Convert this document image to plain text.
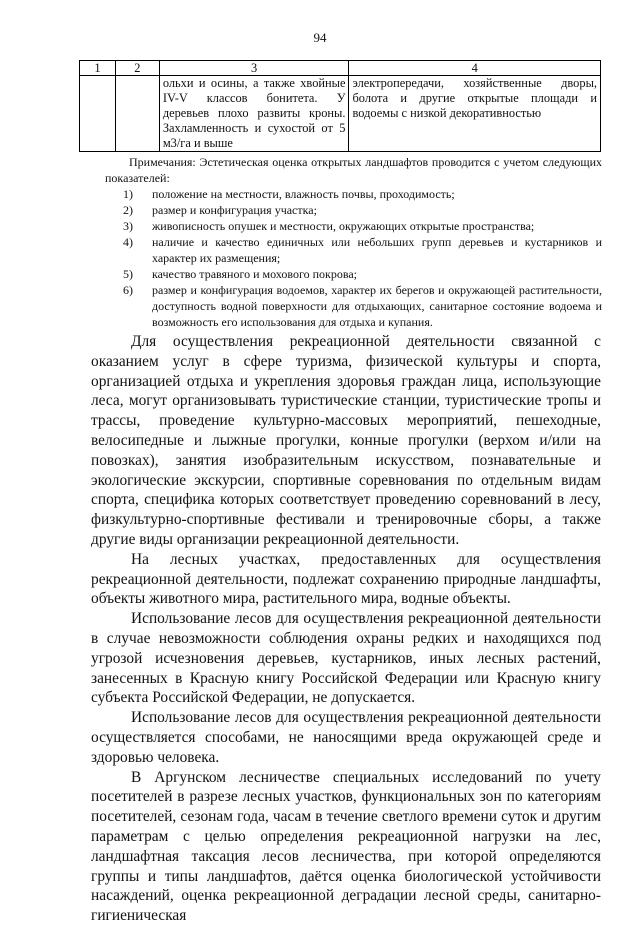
94
1	2	3	4
		ольхи и осины, а также хвойные IV-V классов бонитета. У деревьев плохо развиты кроны. Захламленность и сухостой от 5 м3/га и выше	электропередачи, хозяйственные дворы, болота и другие открытые площади и водоемы с низкой декоративностью

Примечания: Эстетическая оценка открытых ландшафтов проводится с учетом следующих показателей:

1) положение на местности, влажность почвы, проходимость;
2) размер и конфигурация участка;
3) живописность опушек и местности, окружающих открытые пространства;
4) наличие и качество единичных или небольших групп деревьев и кустарников и характер их размещения;
5) качество травяного и мохового покрова;
6) размер и конфигурация водоемов, характер их берегов и окружающей растительности, доступность водной поверхности для отдыхающих, санитарное состояние водоема и возможность его использования для отдыха и купания.

Для осуществления рекреационной деятельности связанной с оказанием услуг в сфере туризма, физической культуры и спорта, организацией отдыха и укрепления здоровья граждан лица, использующие леса, могут организовывать туристические станции, туристические тропы и трассы, проведение культурно-массовых мероприятий, пешеходные, велосипедные и лыжные прогулки, конные прогулки (верхом и/или на повозках), занятия изобразительным искусством, познавательные и экологические экскурсии, спортивные соревнования по отдельным видам спорта, специфика которых соответствует проведению соревнований в лесу, физкультурно-спортивные фестивали и тренировочные сборы, а также другие виды организации рекреационной деятельности.

На лесных участках, предоставленных для осуществления рекреационной деятельности, подлежат сохранению природные ландшафты, объекты животного мира, растительного мира, водные объекты.

Использование лесов для осуществления рекреационной деятельности в случае невозможности соблюдения охраны редких и находящихся под угрозой исчезновения деревьев, кустарников, иных лесных растений, занесенных в Красную книгу Российской Федерации или Красную книгу субъекта Российской Федерации, не допускается.

Использование лесов для осуществления рекреационной деятельности осуществляется способами, не наносящими вреда окружающей среде и здоровью человека.

В Аргунском лесничестве специальных исследований по учету посетителей в разрезе лесных участков, функциональных зон по категориям посетителей, сезонам года, часам в течение светлого времени суток и другим параметрам с целью определения рекреационной нагрузки на лес, ландшафтная таксация лесов лесничества, при которой определяются группы и типы ландшафтов, даётся оценка биологической устойчивости насаждений, оценка рекреационной деградации лесной среды, санитарно-гигиеническая
